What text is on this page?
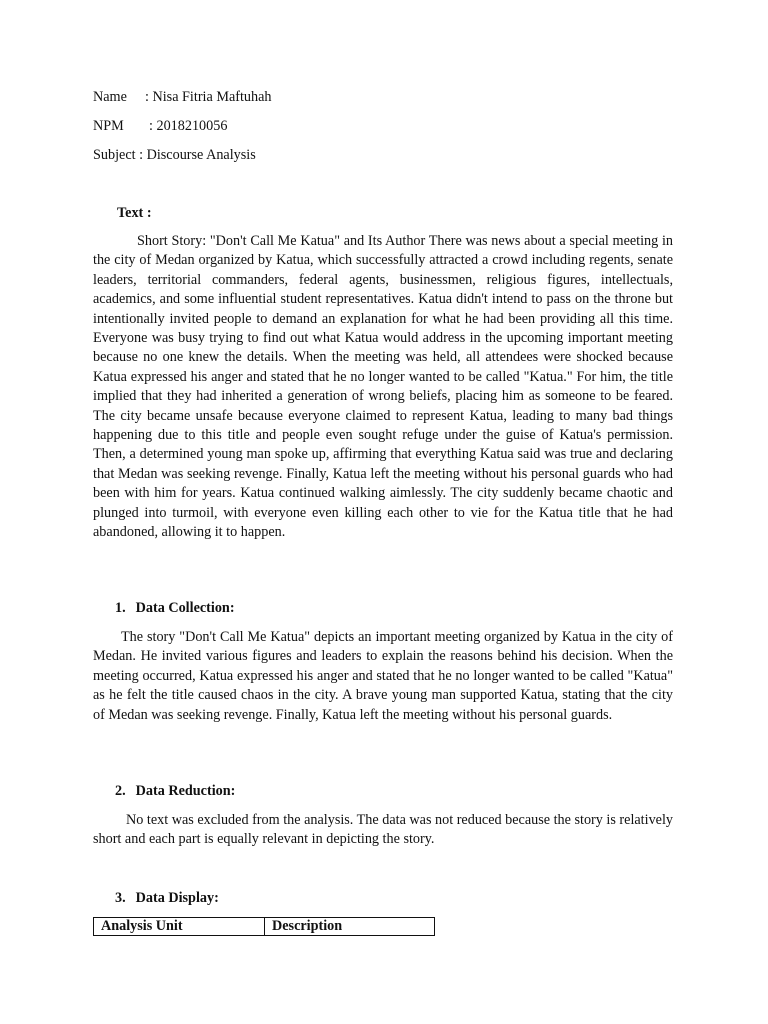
Name : Nisa Fitria Maftuhah
NPM : 2018210056
Subject : Discourse Analysis
Text :
Short Story: "Don't Call Me Katua" and Its Author There was news about a special meeting in the city of Medan organized by Katua, which successfully attracted a crowd including regents, senate leaders, territorial commanders, federal agents, businessmen, religious figures, intellectuals, academics, and some influential student representatives. Katua didn't intend to pass on the throne but intentionally invited people to demand an explanation for what he had been providing all this time. Everyone was busy trying to find out what Katua would address in the upcoming important meeting because no one knew the details. When the meeting was held, all attendees were shocked because Katua expressed his anger and stated that he no longer wanted to be called "Katua." For him, the title implied that they had inherited a generation of wrong beliefs, placing him as someone to be feared. The city became unsafe because everyone claimed to represent Katua, leading to many bad things happening due to this title and people even sought refuge under the guise of Katua's permission. Then, a determined young man spoke up, affirming that everything Katua said was true and declaring that Medan was seeking revenge. Finally, Katua left the meeting without his personal guards who had been with him for years. Katua continued walking aimlessly. The city suddenly became chaotic and plunged into turmoil, with everyone even killing each other to vie for the Katua title that he had abandoned, allowing it to happen.
1. Data Collection:
The story "Don't Call Me Katua" depicts an important meeting organized by Katua in the city of Medan. He invited various figures and leaders to explain the reasons behind his decision. When the meeting occurred, Katua expressed his anger and stated that he no longer wanted to be called "Katua" as he felt the title caused chaos in the city. A brave young man supported Katua, stating that the city of Medan was seeking revenge. Finally, Katua left the meeting without his personal guards.
2. Data Reduction:
No text was excluded from the analysis. The data was not reduced because the story is relatively short and each part is equally relevant in depicting the story.
3. Data Display:
Analysis Unit	Description
